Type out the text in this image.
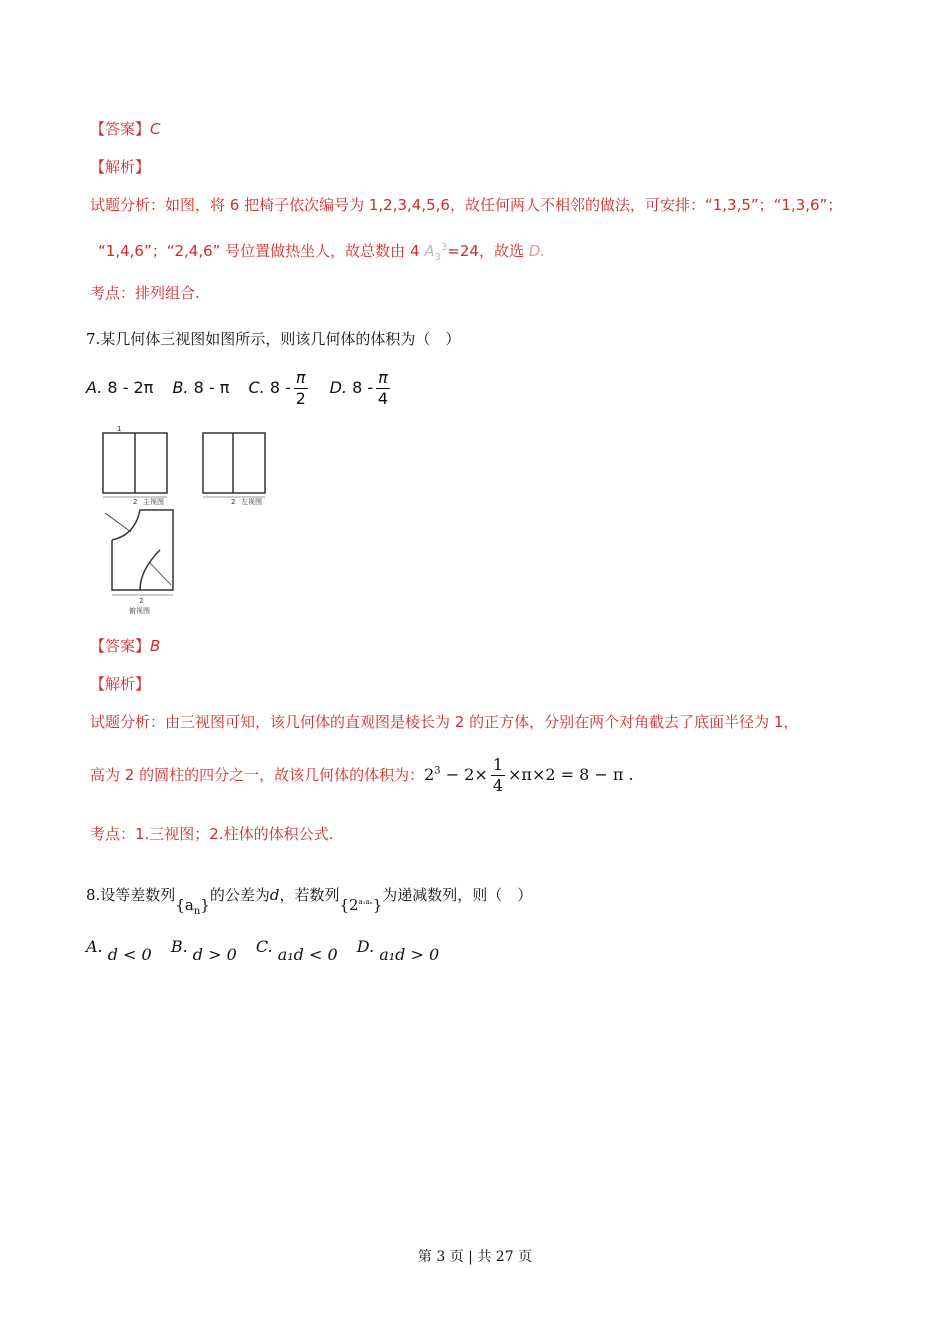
【答案】C
【解析】
试题分析：如图，将 6 把椅子依次编号为 1,2,3,4,5,6，故任何两人不相邻的做法，可安排：“1,3,5”；“1,3,6”；
“1,4,6”；“2,4,6” 号位置做热坐人，故总数由 4 $A_3^3=24$，故选 D.
考点：排列组合.
7.某几何体三视图如图所示，则该几何体的体积为（　）
A. 8 - 2π B. 8 - π C. $8 - \frac{\pi}{2} D$. $8 - \frac{\pi}{4}$
1
2 主视图	2 左视图
2
俯视图
【答案】B
【解析】
试题分析：由三视图可知，该几何体的直观图是棱长为 2 的正方体，分别在两个对角截去了底面半径为 1，
高为 2 的圆柱的四分之一，故该几何体的体积为：$2^3 - 2\times \frac{1}{4} \times\pi\times 2 = 8 - \pi$ .
考点：1.三视图；2.柱体的体积公式.
8.设等差数列$\{a_n\}$的公差为d，若数列$\{2^{a_1a_n}\}$为递减数列，则（　）
A. d < 0 B. d > 0 C. a₁d < 0 D. a₁d > 0
第 3 页 | 共 27 页
